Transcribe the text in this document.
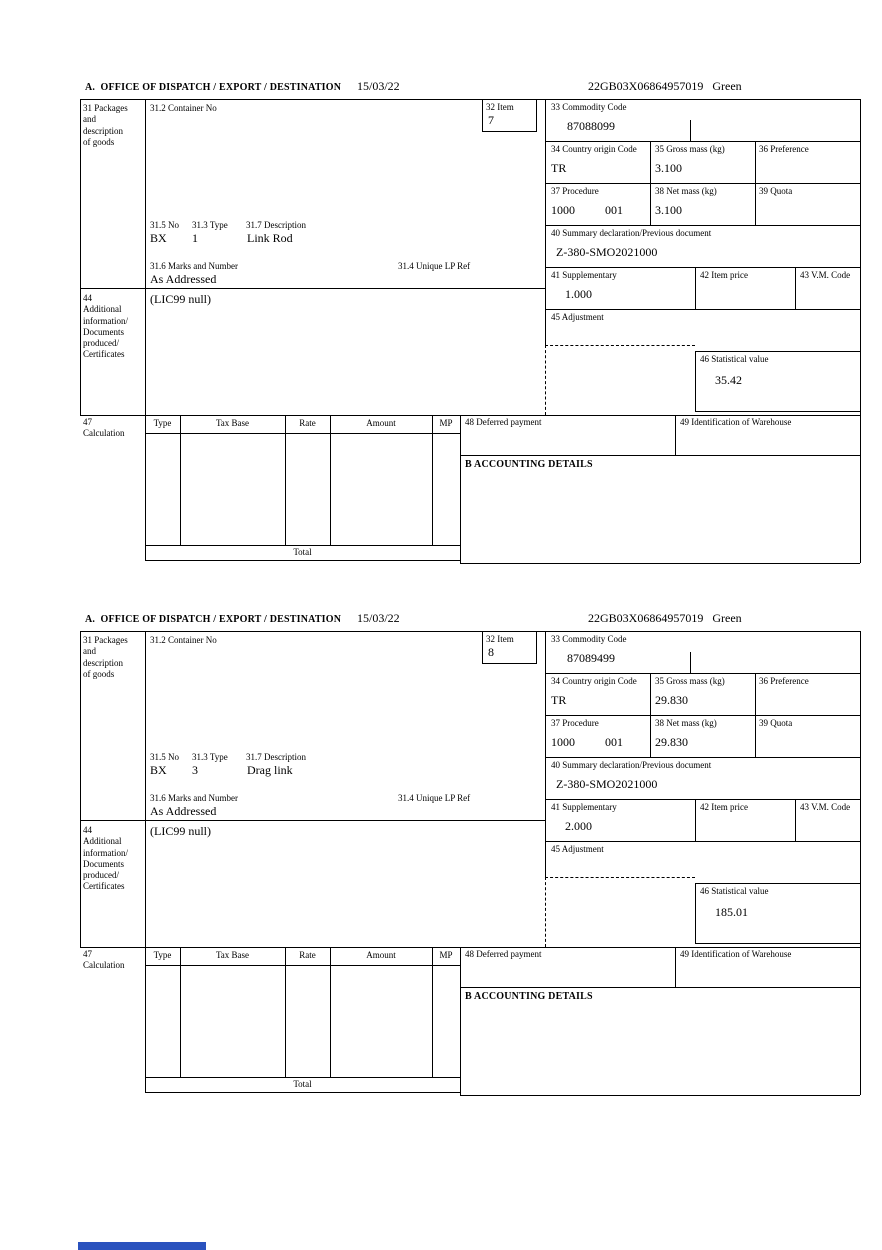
A.  OFFICE OF DISPATCH / EXPORT / DESTINATION 15/03/22	22GB03X06864957019   Green
32 Item
7
33 Commodity Code
87088099
34 Country origin Code
TR
35 Gross mass (kg)
3.100
36 Preference
37 Procedure
1000	001
38 Net mass (kg)
3.100
39 Quota
40 Summary declaration/Previous document
Z-380-SMO2021000
41 Supplementary
1.000
42 Item price	43 V.M. Code
45 Adjustment
46 Statistical value
35.42
31 Packages
and
description
of goods
31.2 Container No
31.5 No 31.3 Type 31.7 Description
BX 1	Link Rod
31.6 Marks and Number	31.4 Unique LP Ref
As Addressed
44
Additional
information/
Documents
produced/
Certificates
(LIC99 null)
47
Calculation
Type	Tax Base	Rate	Amount	MP
Total
48 Deferred payment	49 Identification of Warehouse
B ACCOUNTING DETAILS
A.  OFFICE OF DISPATCH / EXPORT / DESTINATION 15/03/22	22GB03X06864957019   Green
32 Item
8
33 Commodity Code
87089499
34 Country origin Code
TR
35 Gross mass (kg)
29.830
36 Preference
37 Procedure
1000	001
38 Net mass (kg)
29.830
39 Quota
40 Summary declaration/Previous document
Z-380-SMO2021000
41 Supplementary
2.000
42 Item price	43 V.M. Code
45 Adjustment
46 Statistical value
185.01
31 Packages
and
description
of goods
31.2 Container No
31.5 No 31.3 Type 31.7 Description
BX 3	Drag link
31.6 Marks and Number	31.4 Unique LP Ref
As Addressed
44
Additional
information/
Documents
produced/
Certificates
(LIC99 null)
47
Calculation
Type	Tax Base	Rate	Amount	MP
Total
48 Deferred payment	49 Identification of Warehouse
B ACCOUNTING DETAILS
